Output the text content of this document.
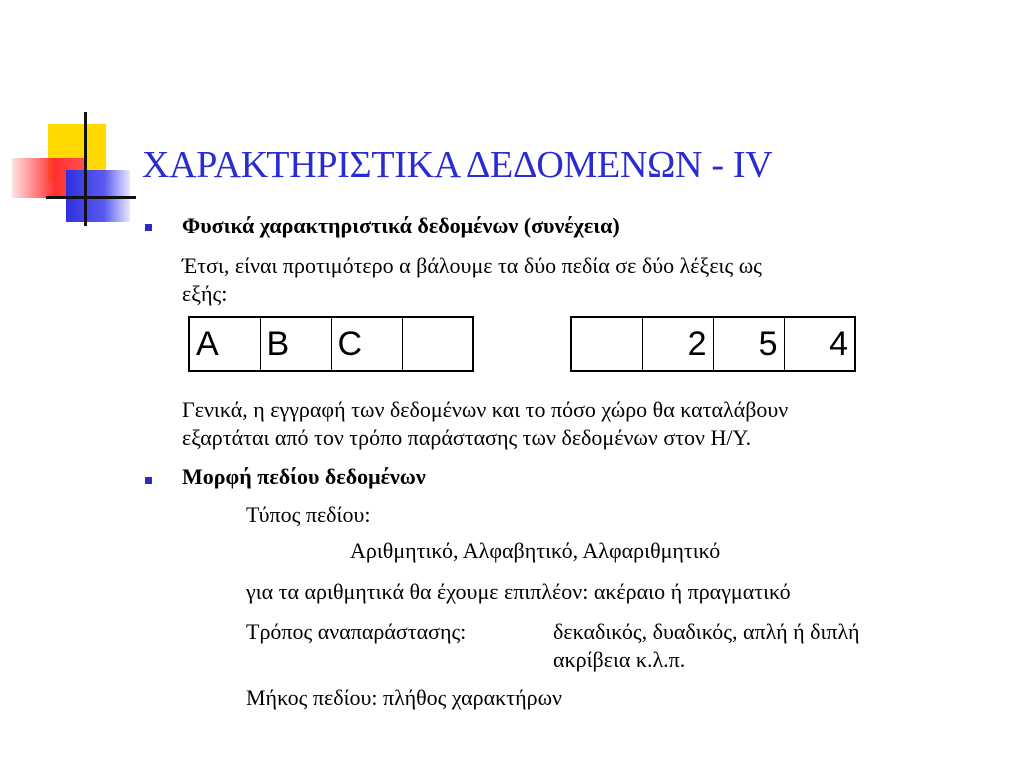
ΧΑΡΑΚΤΗΡΙΣΤΙΚΑ ΔΕΔΟΜΕΝΩΝ - IV
Φυσικά χαρακτηριστικά δεδομένων (συνέχεια)
Έτσι, είναι προτιμότερο α βάλουμε τα δύο πεδία σε δύο λέξεις ως
εξής:
A	B	C	
		2	5	4
Γενικά, η εγγραφή των δεδομένων και το πόσο χώρο θα καταλάβουν
εξαρτάται από τον τρόπο παράστασης των δεδομένων στον Η/Υ.
Μορφή πεδίου δεδομένων
Τύπος πεδίου:
Αριθμητικό, Αλφαβητικό, Αλφαριθμητικό
για τα αριθμητικά θα έχουμε επιπλέον: ακέραιο ή πραγματικό
Τρόπος αναπαράστασης:	δεκαδικός, δυαδικός, απλή ή διπλή
ακρίβεια κ.λ.π.
Μήκος πεδίου: πλήθος χαρακτήρων
